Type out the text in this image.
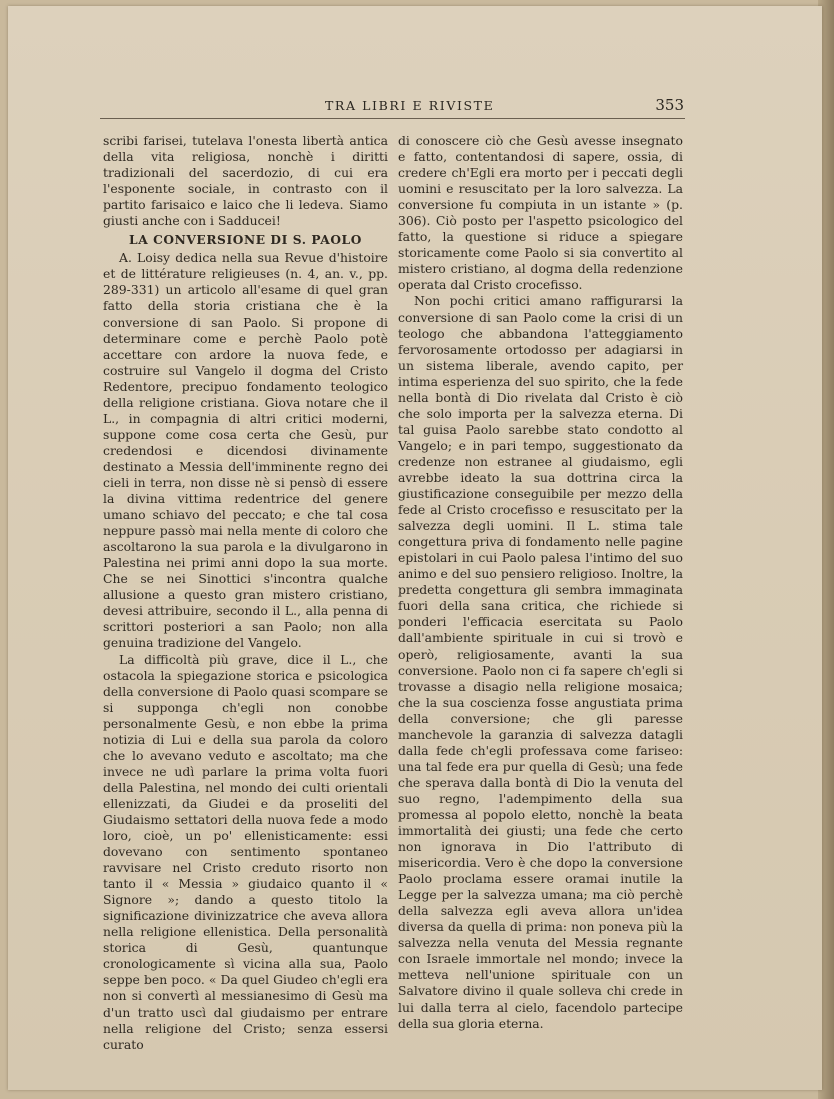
TRA LIBRI E RIVISTE	353

scribi farisei, tutelava l'onesta libertà antica della vita religiosa, nonchè i diritti tradizionali del sacerdozio, di cui era l'esponente sociale, in contrasto con il partito farisaico e laico che li ledeva. Siamo giusti anche con i Sadducei!

LA CONVERSIONE DI S. PAOLO

A. Loisy dedica nella sua Revue d'histoire et de littérature religieuses (n. 4, an. v., pp. 289-331) un articolo all'esame di quel gran fatto della storia cristiana che è la conversione di san Paolo. Si propone di determinare come e perchè Paolo potè accettare con ardore la nuova fede, e costruire sul Vangelo il dogma del Cristo Redentore, precipuo fondamento teologico della religione cristiana. Giova notare che il L., in compagnia di altri critici moderni, suppone come cosa certa che Gesù, pur credendosi e dicendosi divinamente destinato a Messia dell'imminente regno dei cieli in terra, non disse nè si pensò di essere la divina vittima redentrice del genere umano schiavo del peccato; e che tal cosa neppure passò mai nella mente di coloro che ascoltarono la sua parola e la divulgarono in Palestina nei primi anni dopo la sua morte. Che se nei Sinottici s'incontra qualche allusione a questo gran mistero cristiano, devesi attribuire, secondo il L., alla penna di scrittori posteriori a san Paolo; non alla genuina tradizione del Vangelo.

La difficoltà più grave, dice il L., che ostacola la spiegazione storica e psicologica della conversione di Paolo quasi scompare se si supponga ch'egli non conobbe personalmente Gesù, e non ebbe la prima notizia di Lui e della sua parola da coloro che lo avevano veduto e ascoltato; ma che invece ne udì parlare la prima volta fuori della Palestina, nel mondo dei culti orientali ellenizzati, da Giudei e da proseliti del Giudaismo settatori della nuova fede a modo loro, cioè, un po' ellenisticamente: essi dovevano con sentimento spontaneo ravvisare nel Cristo creduto risorto non tanto il « Messia » giudaico quanto il « Signore »; dando a questo titolo la significazione divinizzatrice che aveva allora nella religione ellenistica. Della personalità storica di Gesù, quantunque cronologicamente sì vicina alla sua, Paolo seppe ben poco. « Da quel Giudeo ch'egli era non si convertì al messianesimo di Gesù ma d'un tratto uscì dal giudaismo per entrare nella religione del Cristo; senza essersi curato

di conoscere ciò che Gesù avesse insegnato e fatto, contentandosi di sapere, ossia, di credere ch'Egli era morto per i peccati degli uomini e resuscitato per la loro salvezza. La conversione fu compiuta in un istante » (p. 306). Ciò posto per l'aspetto psicologico del fatto, la questione si riduce a spiegare storicamente come Paolo si sia convertito al mistero cristiano, al dogma della redenzione operata dal Cristo crocefisso.

Non pochi critici amano raffigurarsi la conversione di san Paolo come la crisi di un teologo che abbandona l'atteggiamento fervorosamente ortodosso per adagiarsi in un sistema liberale, avendo capito, per intima esperienza del suo spirito, che la fede nella bontà di Dio rivelata dal Cristo è ciò che solo importa per la salvezza eterna. Di tal guisa Paolo sarebbe stato condotto al Vangelo; e in pari tempo, suggestionato da credenze non estranee al giudaismo, egli avrebbe ideato la sua dottrina circa la giustificazione conseguibile per mezzo della fede al Cristo crocefisso e resuscitato per la salvezza degli uomini. Il L. stima tale congettura priva di fondamento nelle pagine epistolari in cui Paolo palesa l'intimo del suo animo e del suo pensiero religioso. Inoltre, la predetta congettura gli sembra immaginata fuori della sana critica, che richiede si ponderi l'efficacia esercitata su Paolo dall'ambiente spirituale in cui si trovò e operò, religiosamente, avanti la sua conversione. Paolo non ci fa sapere ch'egli si trovasse a disagio nella religione mosaica; che la sua coscienza fosse angustiata prima della conversione; che gli paresse manchevole la garanzia di salvezza datagli dalla fede ch'egli professava come fariseo: una tal fede era pur quella di Gesù; una fede che sperava dalla bontà di Dio la venuta del suo regno, l'adempimento della sua promessa al popolo eletto, nonchè la beata immortalità dei giusti; una fede che certo non ignorava in Dio l'attributo di misericordia. Vero è che dopo la conversione Paolo proclama essere oramai inutile la Legge per la salvezza umana; ma ciò perchè della salvezza egli aveva allora un'idea diversa da quella di prima: non poneva più la salvezza nella venuta del Messia regnante con Israele immortale nel mondo; invece la metteva nell'unione spirituale con un Salvatore divino il quale solleva chi crede in lui dalla terra al cielo, facendolo partecipe della sua gloria eterna.
